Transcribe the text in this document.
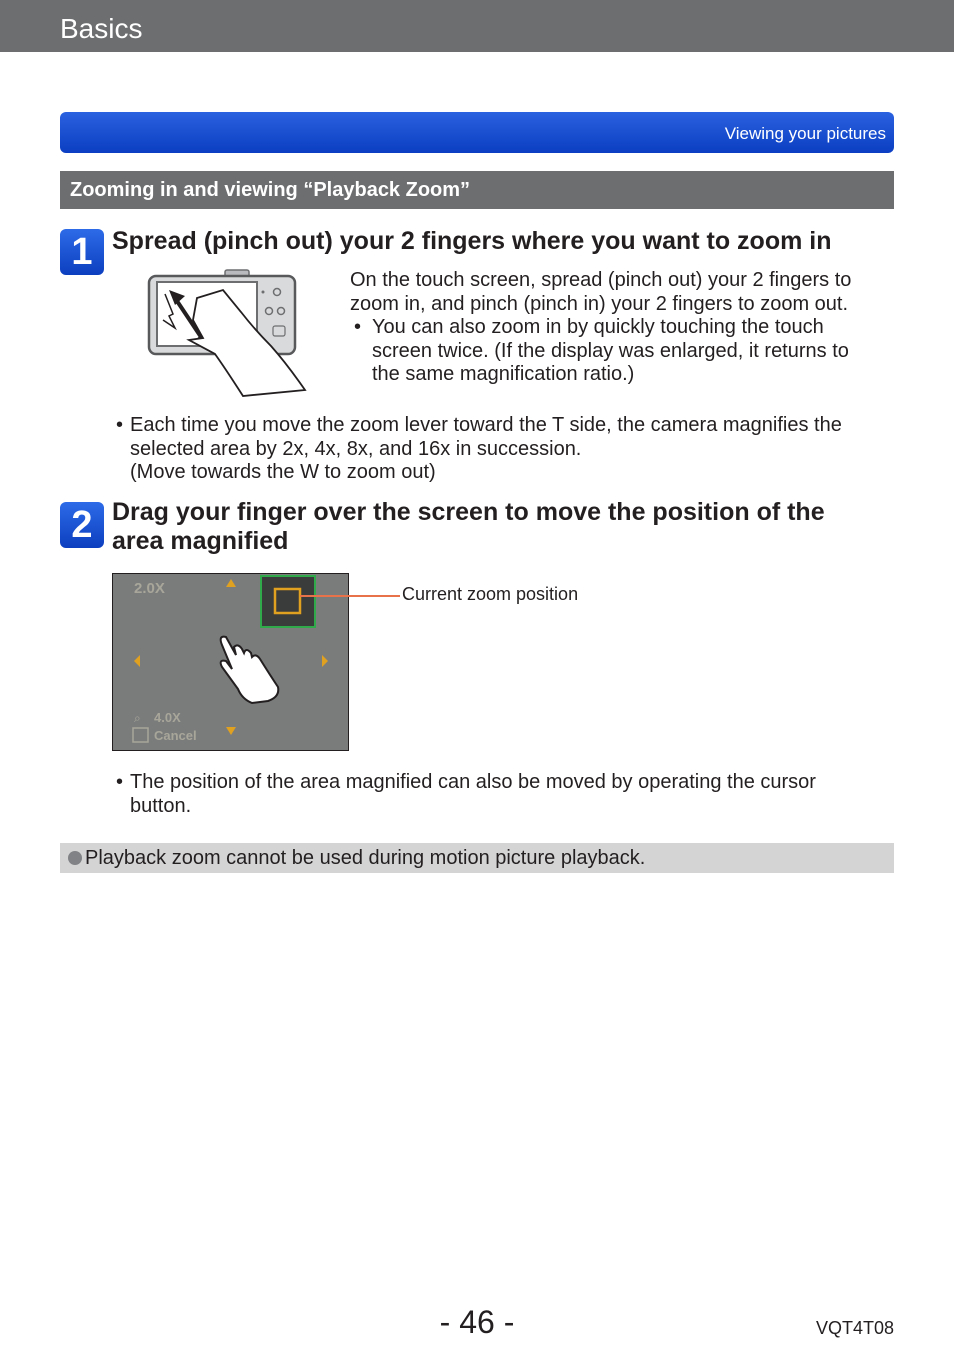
Basics
Viewing your pictures
Zooming in and viewing “Playback Zoom”
1 Spread (pinch out) your 2 fingers where you want to zoom in
On the touch screen, spread (pinch out) your 2 fingers to
zoom in, and pinch (pinch in) your 2 fingers to zoom out.
• You can also zoom in by quickly touching the touch
screen twice. (If the display was enlarged, it returns to
the same magnification ratio.)
• Each time you move the zoom lever toward the T side, the camera magnifies the
selected area by 2x, 4x, 8x, and 16x in succession.
(Move towards the W to zoom out)
2 Drag your finger over the screen to move the position of the
area magnified
2.0X
⌕ 4.0X
Cancel
Current zoom position
• The position of the area magnified can also be moved by operating the cursor
button.
Playback zoom cannot be used during motion picture playback.
- 46 -	VQT4T08
